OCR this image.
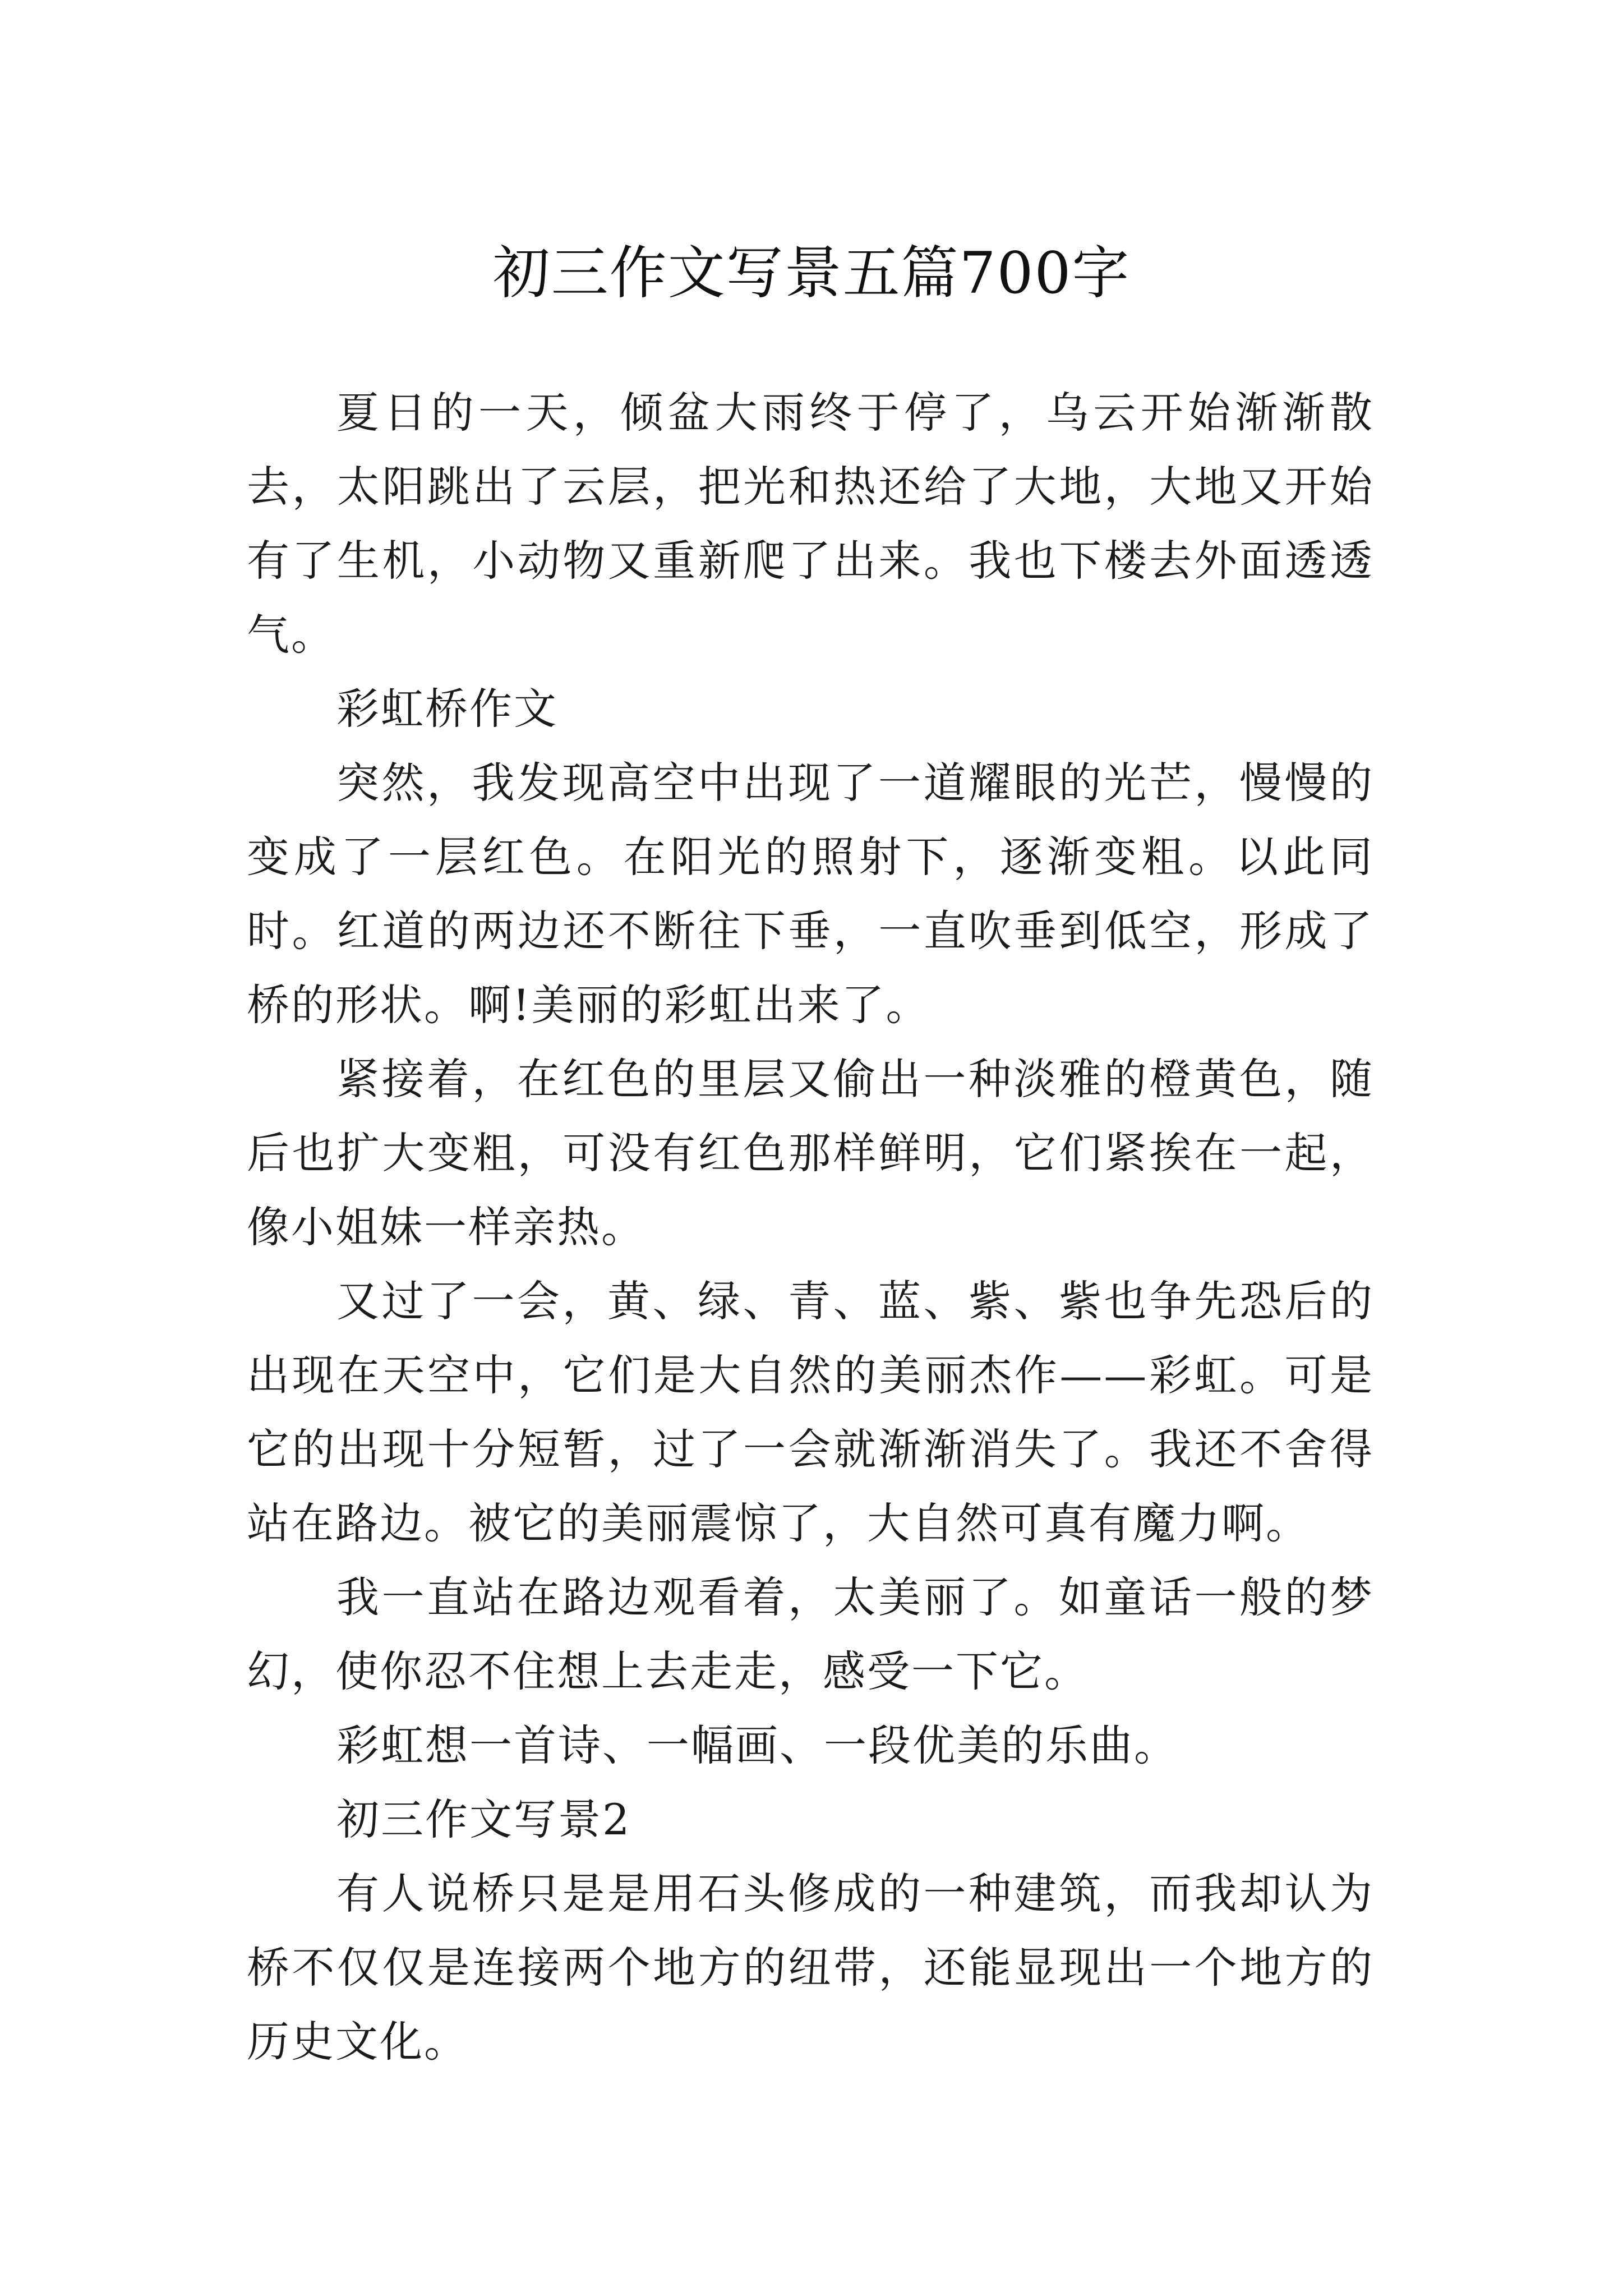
初三作文写景五篇700字

夏日的一天，倾盆大雨终于停了，乌云开始渐渐散去，太阳跳出了云层，把光和热还给了大地，大地又开始有了生机，小动物又重新爬了出来。我也下楼去外面透透气。

彩虹桥作文

突然，我发现高空中出现了一道耀眼的光芒，慢慢的变成了一层红色。在阳光的照射下，逐渐变粗。以此同时。红道的两边还不断往下垂，一直吹垂到低空，形成了桥的形状。啊!美丽的彩虹出来了。

紧接着，在红色的里层又偷出一种淡雅的橙黄色，随后也扩大变粗，可没有红色那样鲜明，它们紧挨在一起，像小姐妹一样亲热。

又过了一会，黄、绿、青、蓝、紫、紫也争先恐后的出现在天空中，它们是大自然的美丽杰作——彩虹。可是它的出现十分短暂，过了一会就渐渐消失了。我还不舍得站在路边。被它的美丽震惊了，大自然可真有魔力啊。

我一直站在路边观看着，太美丽了。如童话一般的梦幻，使你忍不住想上去走走，感受一下它。

彩虹想一首诗、一幅画、一段优美的乐曲。

初三作文写景2

有人说桥只是是用石头修成的一种建筑，而我却认为桥不仅仅是连接两个地方的纽带，还能显现出一个地方的历史文化。
